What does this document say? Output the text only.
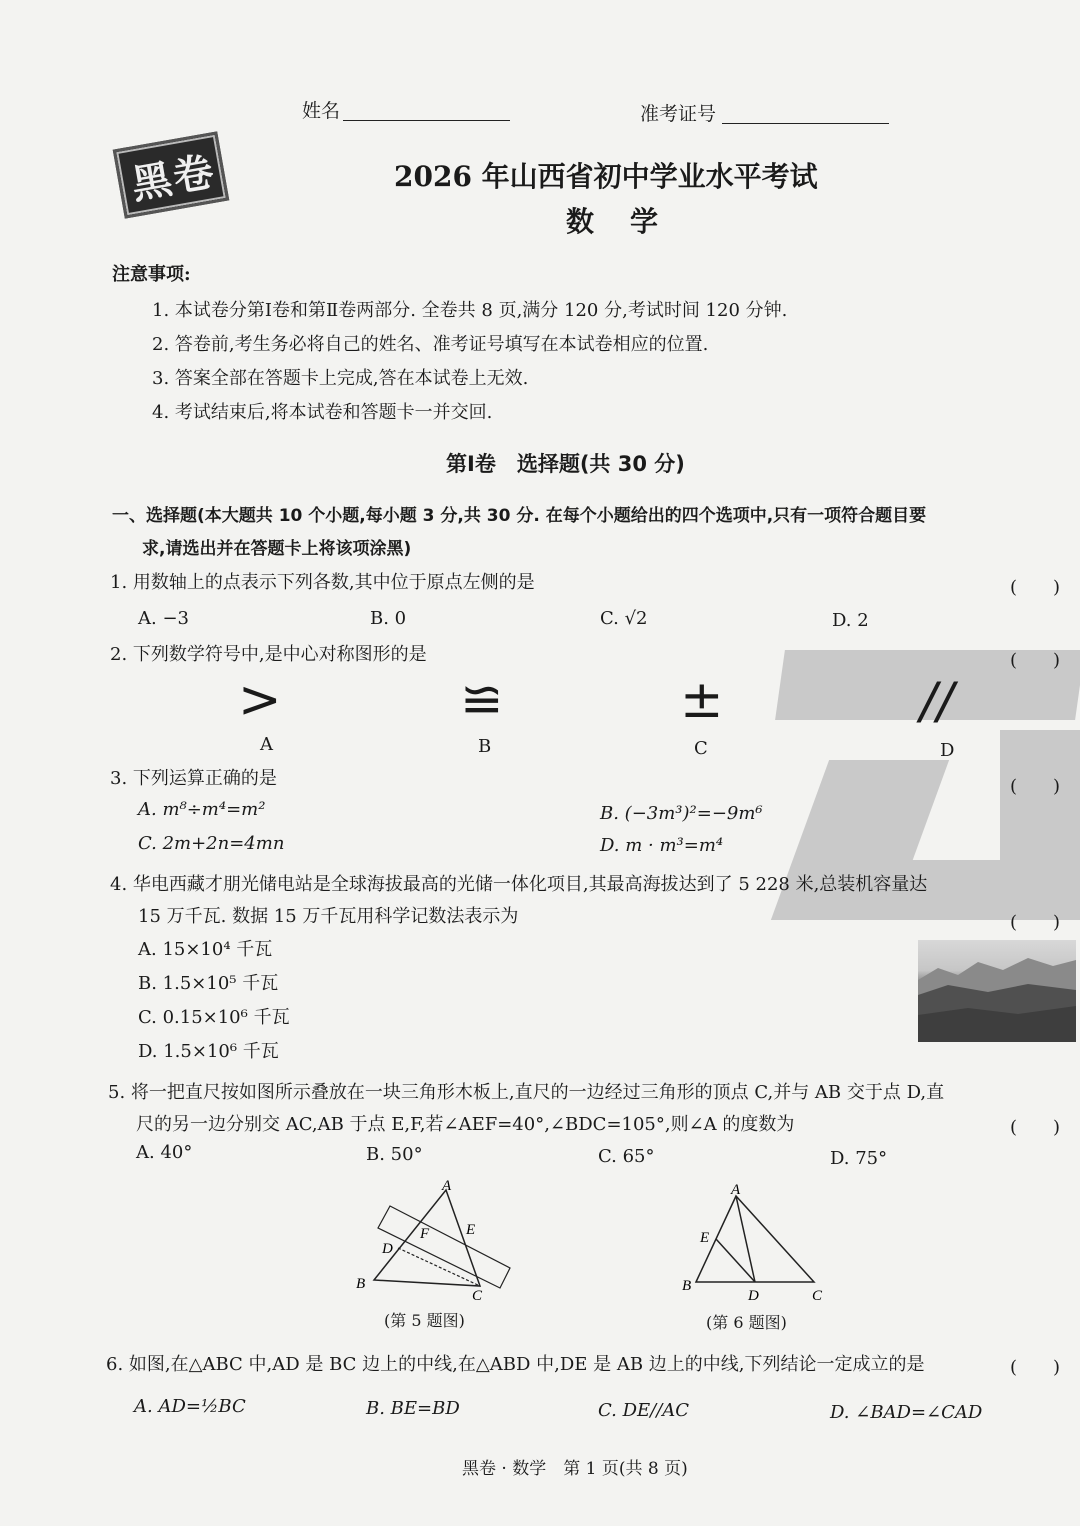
姓名	准考证号
黑卷	2026 年山西省初中学业水平考试
数　学
注意事项:
1. 本试卷分第Ⅰ卷和第Ⅱ卷两部分. 全卷共 8 页,满分 120 分,考试时间 120 分钟.
2. 答卷前,考生务必将自己的姓名、准考证号填写在本试卷相应的位置.
3. 答案全部在答题卡上完成,答在本试卷上无效.
4. 考试结束后,将本试卷和答题卡一并交回.
第Ⅰ卷　选择题(共 30 分)
一、选择题(本大题共 10 个小题,每小题 3 分,共 30 分. 在每个小题给出的四个选项中,只有一项符合题目要
求,请选出并在答题卡上将该项涂黑)
1. 用数轴上的点表示下列各数,其中位于原点左侧的是	(　　)
A. −3	B. 0	C. √2	D. 2
2. 下列数学符号中,是中心对称图形的是	(　　)
>	≌	±	//
A	B	C	D
3. 下列运算正确的是	(　　)
A. m⁸÷m⁴=m²	B. (−3m³)²=−9m⁶
C. 2m+2n=4mn	D. m · m³=m⁴
4. 华电西藏才朋光储电站是全球海拔最高的光储一体化项目,其最高海拔达到了 5 228 米,总装机容量达
15 万千瓦. 数据 15 万千瓦用科学记数法表示为	(　　)
A. 15×10⁴ 千瓦
B. 1.5×10⁵ 千瓦
C. 0.15×10⁶ 千瓦
D. 1.5×10⁶ 千瓦
5. 将一把直尺按如图所示叠放在一块三角形木板上,直尺的一边经过三角形的顶点 C,并与 AB 交于点 D,直
尺的另一边分别交 AC,AB 于点 E,F,若∠AEF=40°,∠BDC=105°,则∠A 的度数为	(　　)
A. 40°	B. 50°	C. 65°	D. 75°
A
F E
D
B
C
(第 5 题图)
A
E
B
D	C
(第 6 题图)
6. 如图,在△ABC 中,AD 是 BC 边上的中线,在△ABD 中,DE 是 AB 边上的中线,下列结论一定成立的是	(　　)
A. AD=½BC	B. BE=BD	C. DE//AC	D. ∠BAD=∠CAD
黑卷 · 数学　第 1 页(共 8 页)
